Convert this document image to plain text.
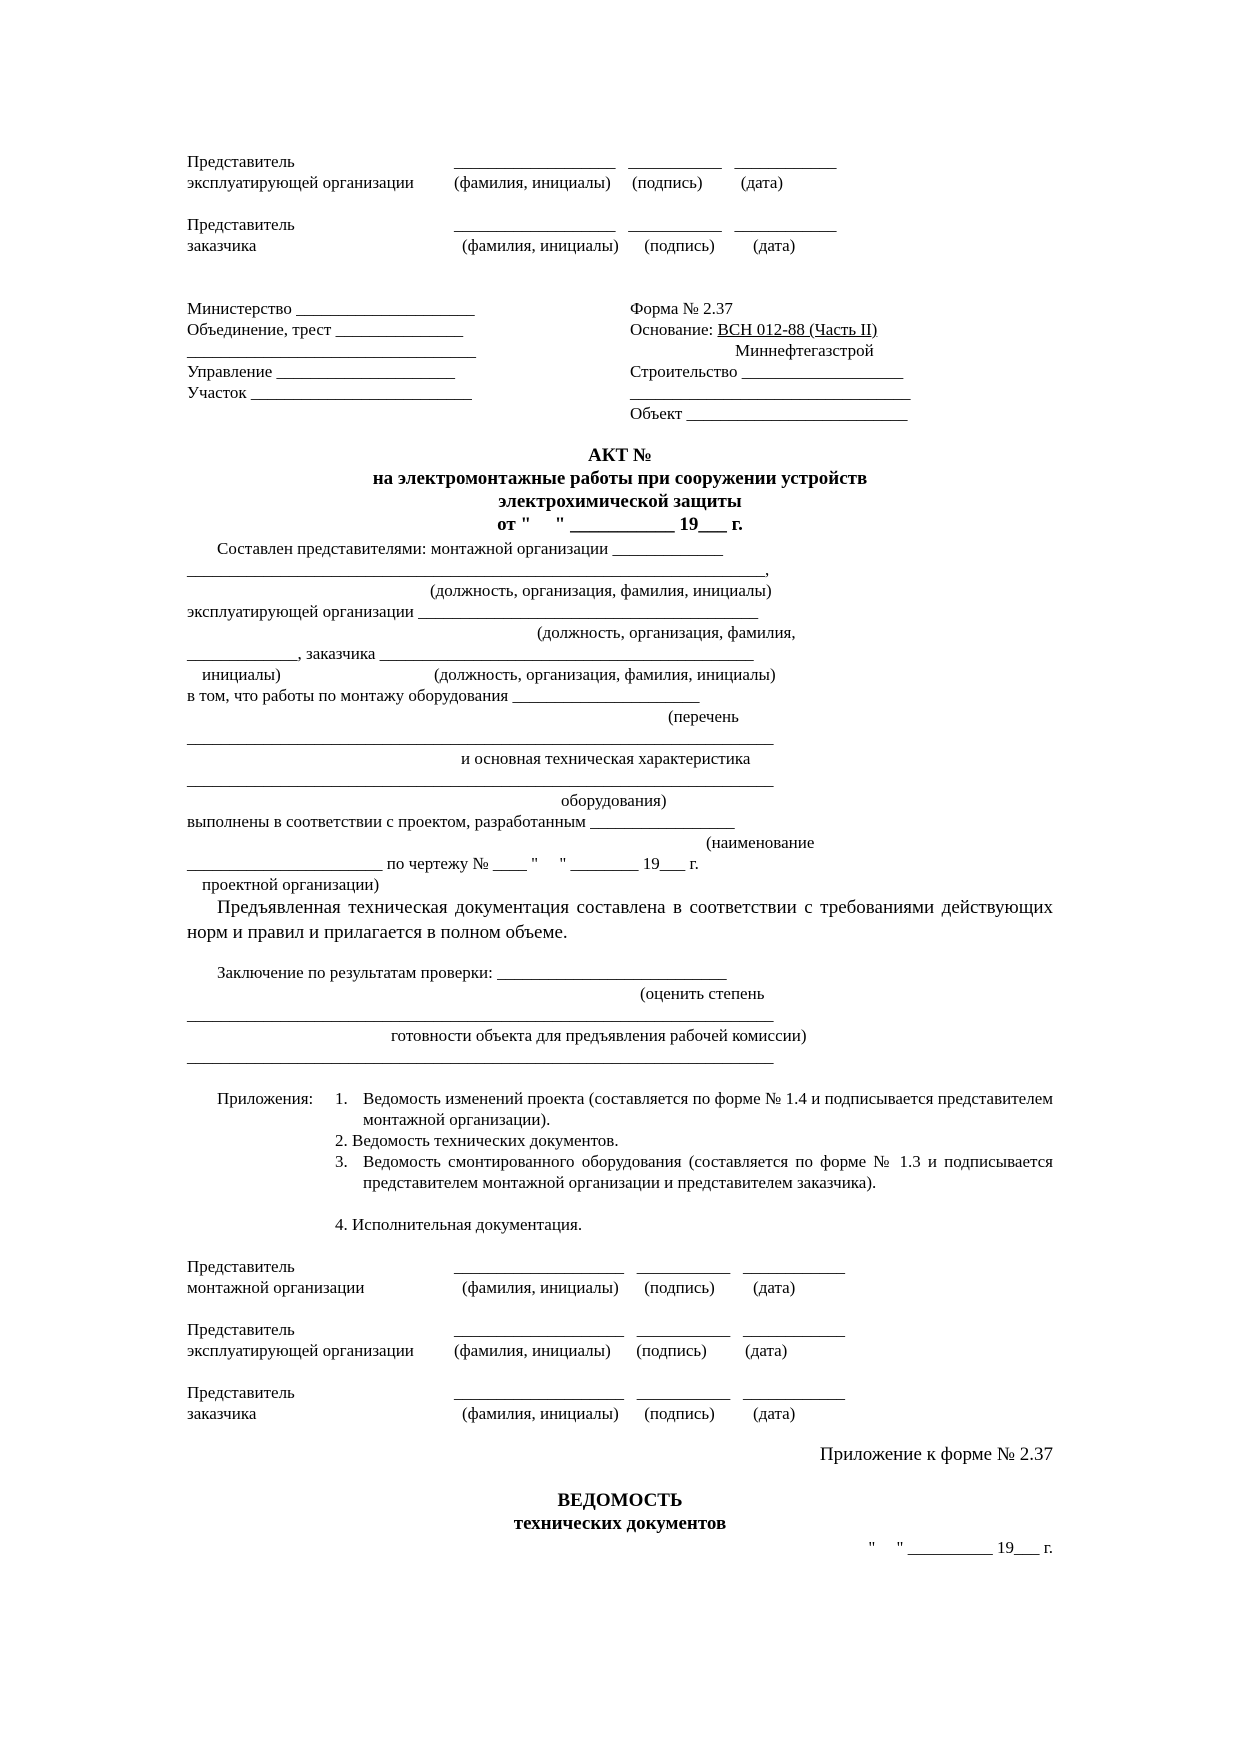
Представитель
эксплуатирующей организации
___________________   ___________   ____________
(фамилия, инициалы)     (подпись)         (дата)
Представитель
заказчика
___________________   ___________   ____________
(фамилия, инициалы)      (подпись)         (дата)
Министерство _____________________
Объединение, трест _______________
__________________________________
Управление _____________________
Участок __________________________
Форма № 2.37
Основание: ВСН 012-88 (Часть II)
Миннефтегазстрой
Строительство ___________________
_________________________________
Объект __________________________
АКТ №
на электромонтажные работы при сооружении устройств
электрохимической защиты
от "     " ___________ 19___ г.
Составлен представителями: монтажной организации _____________
____________________________________________________________________,
(должность, организация, фамилия, инициалы)
эксплуатирующей организации ________________________________________
(должность, организация, фамилия,
_____________, заказчика ____________________________________________
инициалы)	(должность, организация, фамилия, инициалы)
в том, что работы по монтажу оборудования ______________________
(перечень
_____________________________________________________________________
и основная техническая характеристика
_____________________________________________________________________
оборудования)
выполнены в соответствии с проектом, разработанным _________________
(наименование
_______________________ по чертежу № ____ "     " ________ 19___ г.
проектной организации)
Предъявленная техническая документация составлена в соответствии с требованиями действующих норм и правил и прилагается в полном объеме.
Заключение по результатам проверки: ___________________________
(оценить степень
_____________________________________________________________________
готовности объекта для предъявления рабочей комиссии)
_____________________________________________________________________
Приложения: 1. Ведомость изменений проекта (составляется по форме № 1.4 и подписывается представителем монтажной организации).
2. Ведомость технических документов.
3. Ведомость смонтированного оборудования (составляется по форме № 1.3 и подписывается представителем монтажной организации и представителем заказчика).
4. Исполнительная документация.
Представитель
монтажной организации
____________________   ___________   ____________
(фамилия, инициалы)      (подпись)         (дата)
Представитель
эксплуатирующей организации
____________________   ___________   ____________
(фамилия, инициалы)      (подпись)         (дата)
Представитель
заказчика
____________________   ___________   ____________
(фамилия, инициалы)      (подпись)         (дата)
Приложение к форме № 2.37
ВЕДОМОСТЬ
технических документов
"     " __________ 19___ г.
